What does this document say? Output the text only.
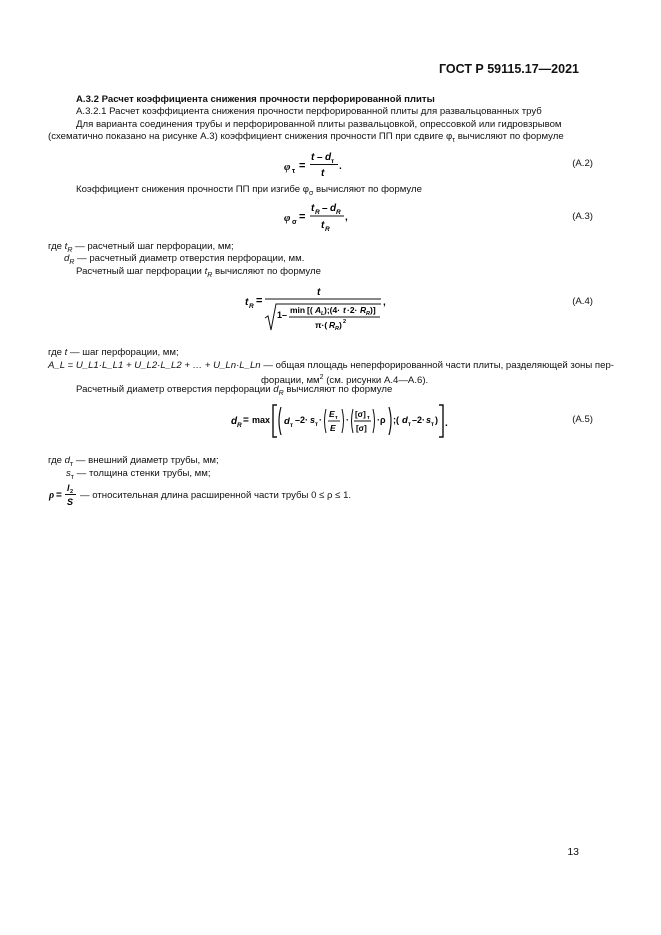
ГОСТ Р 59115.17—2021
А.3.2 Расчет коэффициента снижения прочности перфорированной плиты
А.3.2.1 Расчет коэффициента снижения прочности перфорированной плиты для развальцованных труб
Для варианта соединения трубы и перфорированной плиты развальцовкой, опрессовкой или гидровзрывом
(схематично показано на рисунке А.3) коэффициент снижения прочности ПП при сдвиге $\varphi_\tau$ вычисляют по формуле
φ τ =
t – d т
t
.	(А.2)
Коэффициент снижения прочности ПП при изгибе $\varphi_\sigma$ вычисляют по формуле
φ σ =
t R – d R
t R
,	(А.3)
где $t_R$ — расчетный шаг перфорации, мм;
$d_R$ — расчетный диаметр отверстия перфорации, мм.
Расчетный шаг перфорации $t_R$ вычисляют по формуле
t R =
t
1– min [( A L );(4· t ·2· R R )]
π·( R R ) 2
,	(А.4)
где t — шаг перфорации, мм;
A_L = U_L1·L_L1 + U_L2·L_L2 + … + U_Ln·L_Ln — общая площадь неперфорированной части плиты, разделяющей зоны пер-
форации, $мм^2$ (см. рисунки А.4—А.6).
Расчетный диаметр отверстия перфорации $d_R$ вычисляют по формуле
d R = max d т
–2· s т ·
E т
E
·
[σ] т
[σ]
·ρ ;( d т –2· s т ) .	(А.5)
где $d_т$ — внешний диаметр трубы, мм;
$s_т$ — толщина стенки трубы, мм;
ρ =
l 2
S
— относительная длина расширенной части трубы 0 ≤ ρ ≤ 1.
13
